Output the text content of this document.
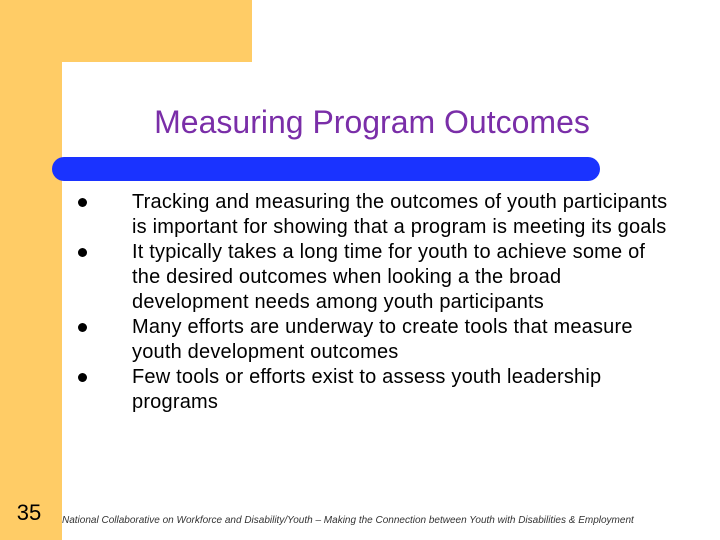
Measuring Program Outcomes
Tracking and measuring the outcomes of youth participants is important for showing that a program is meeting its goals
It typically takes a long time for youth to achieve some of the desired outcomes when looking a the broad development needs among youth participants
Many efforts are underway to create tools that measure youth development outcomes
Few tools or efforts exist to assess youth leadership programs
35	National Collaborative on Workforce and Disability/Youth – Making the Connection between Youth with Disabilities & Employment
